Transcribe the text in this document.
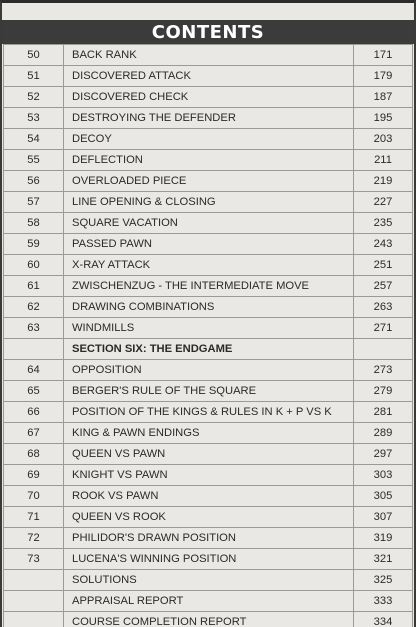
CONTENTS
50	BACK RANK	171
51	DISCOVERED ATTACK	179
52	DISCOVERED CHECK	187
53	DESTROYING THE DEFENDER	195
54	DECOY	203
55	DEFLECTION	211
56	OVERLOADED PIECE	219
57	LINE OPENING & CLOSING	227
58	SQUARE VACATION	235
59	PASSED PAWN	243
60	X-RAY ATTACK	251
61	ZWISCHENZUG - THE INTERMEDIATE MOVE	257
62	DRAWING COMBINATIONS	263
63	WINDMILLS	271
	SECTION SIX: THE ENDGAME	
64	OPPOSITION	273
65	BERGER'S RULE OF THE SQUARE	279
66	POSITION OF THE KINGS & RULES IN K + P VS K	281
67	KING & PAWN ENDINGS	289
68	QUEEN VS PAWN	297
69	KNIGHT VS PAWN	303
70	ROOK VS PAWN	305
71	QUEEN VS ROOK	307
72	PHILIDOR'S DRAWN POSITION	319
73	LUCENA'S WINNING POSITION	321
	SOLUTIONS	325
	APPRAISAL REPORT	333
	COURSE COMPLETION REPORT	334
